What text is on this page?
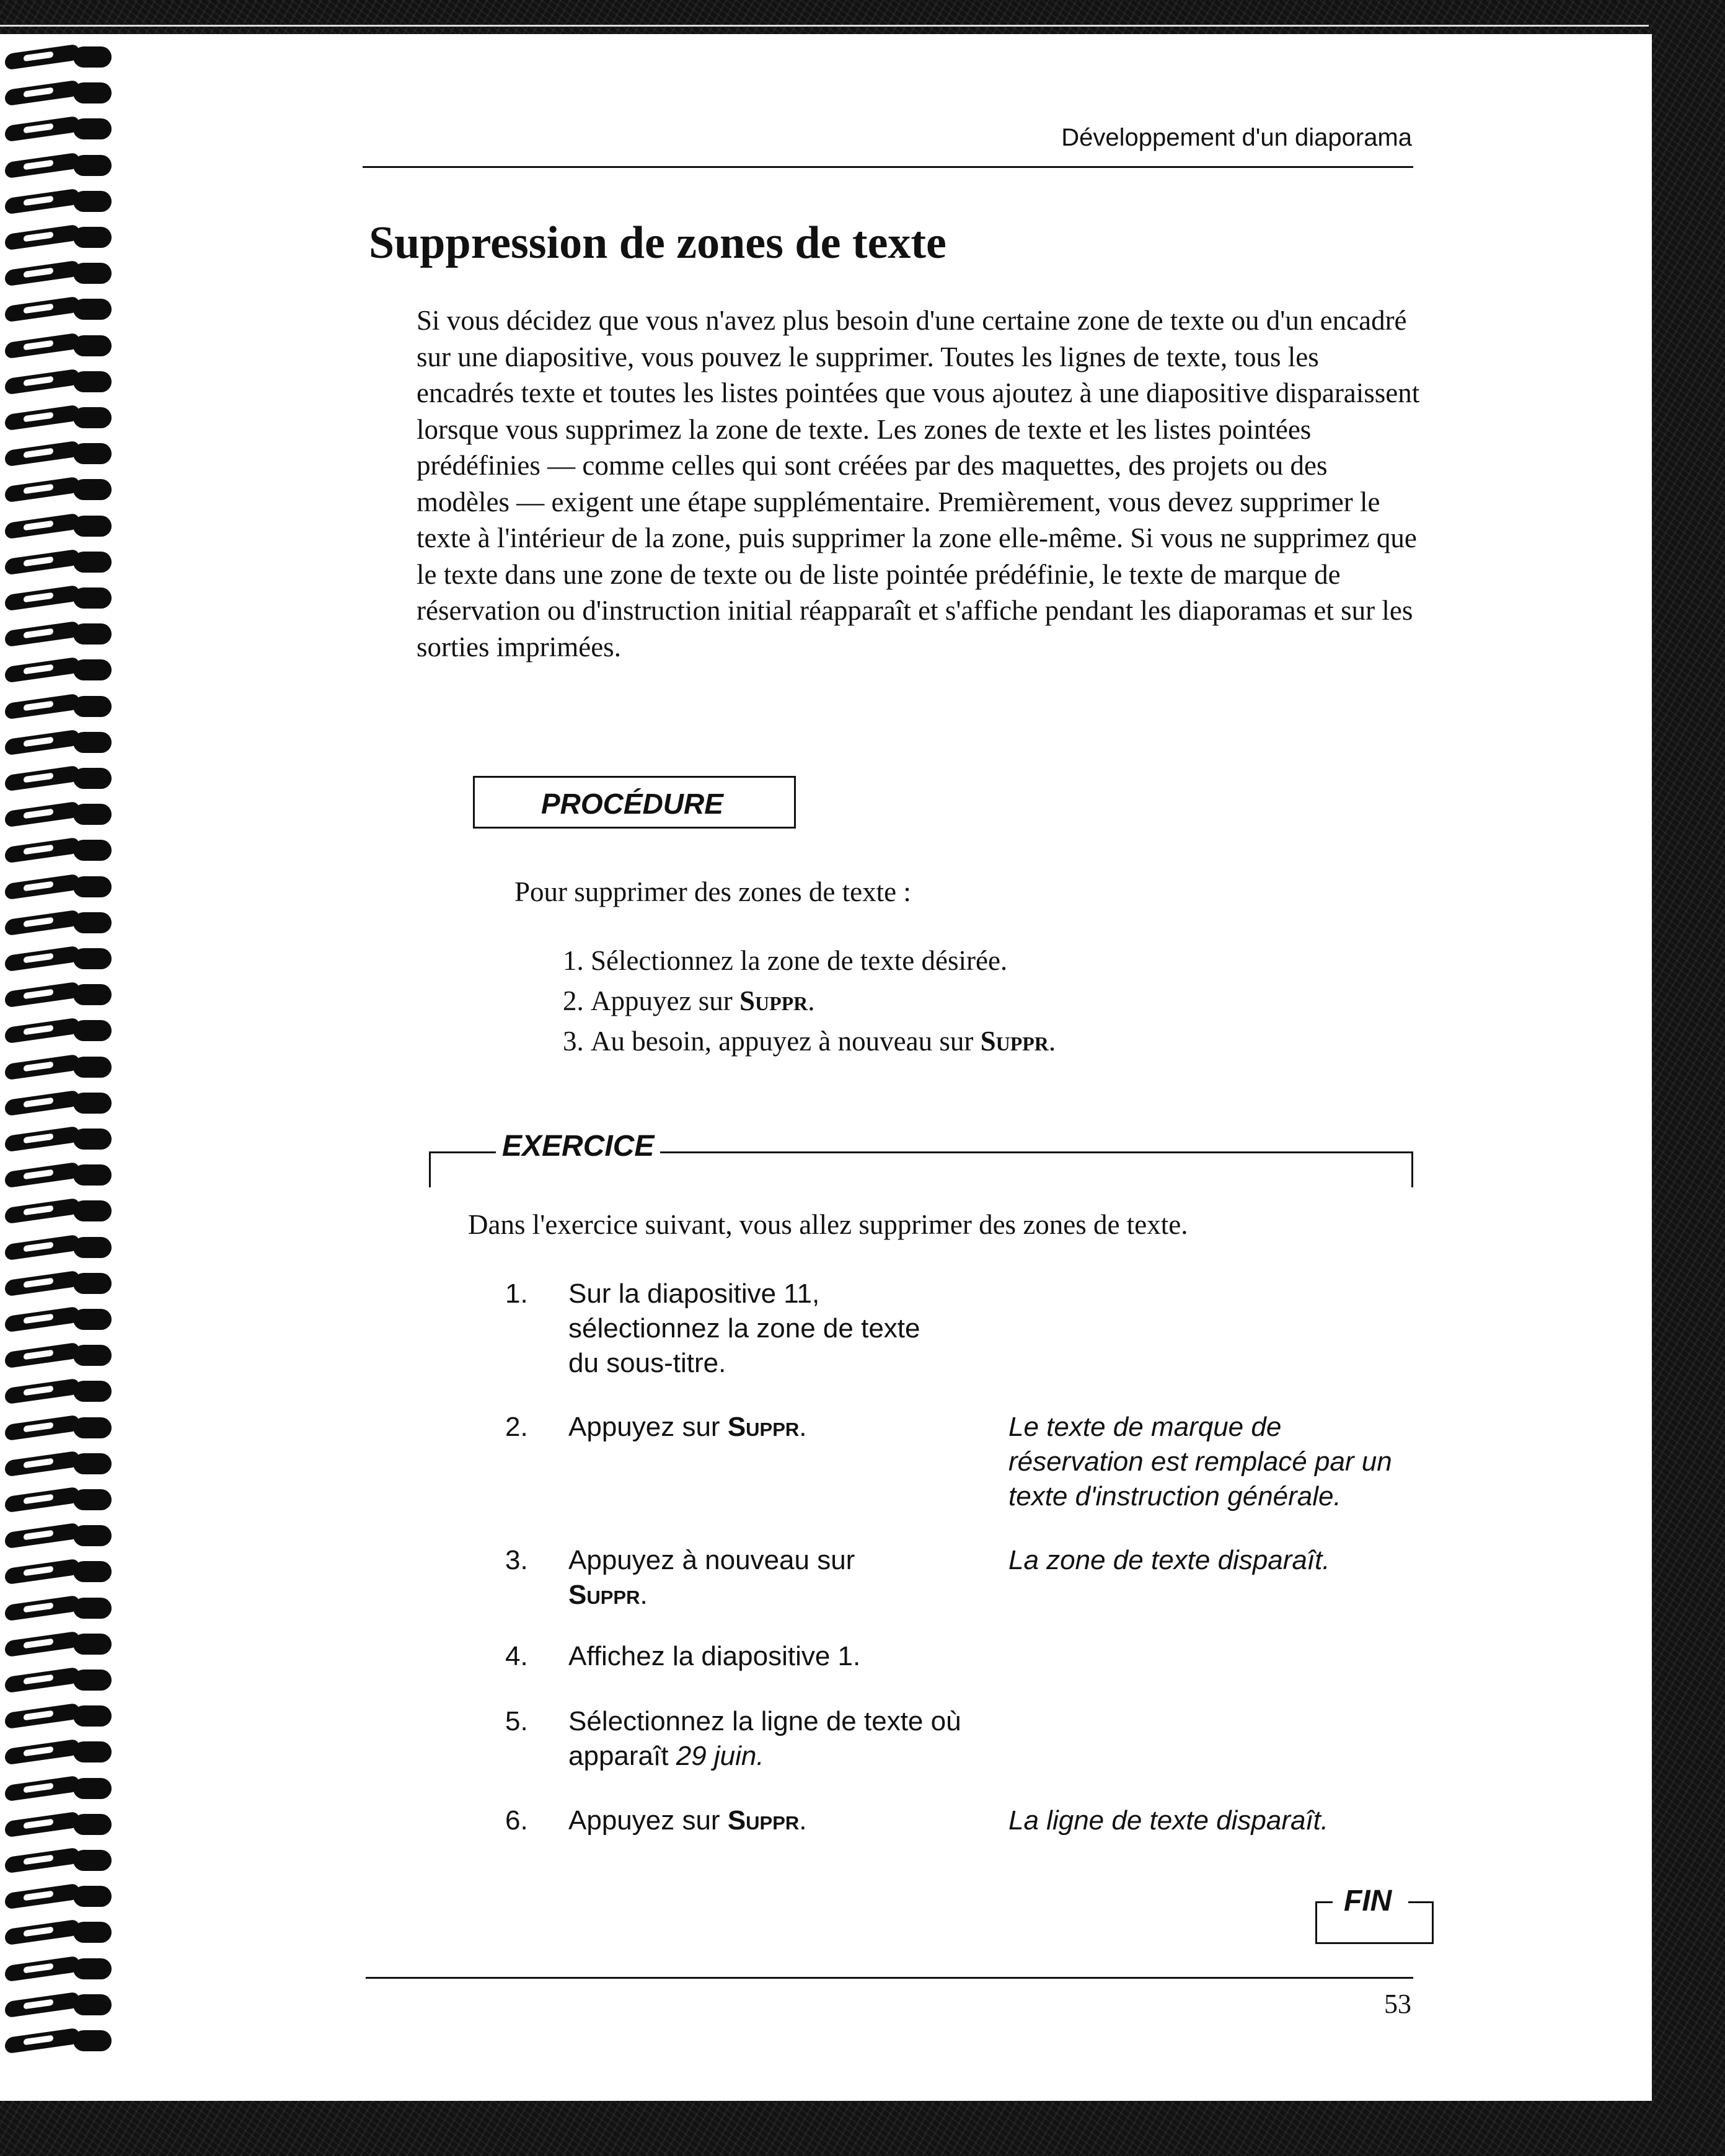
Développement d'un diaporama
Suppression de zones de texte

Si vous décidez que vous n'avez plus besoin d'une certaine zone de texte ou d'un encadré sur une diapositive, vous pouvez le supprimer. Toutes les lignes de texte, tous les encadrés texte et toutes les listes pointées que vous ajoutez à une diapositive disparaissent lorsque vous supprimez la zone de texte. Les zones de texte et les listes pointées prédéfinies — comme celles qui sont créées par des maquettes, des projets ou des modèles — exigent une étape supplémentaire. Premièrement, vous devez supprimer le texte à l'intérieur de la zone, puis supprimer la zone elle-même. Si vous ne supprimez que le texte dans une zone de texte ou de liste pointée prédéfinie, le texte de marque de réservation ou d'instruction initial réapparaît et s'affiche pendant les diaporamas et sur les sorties imprimées.

PROCÉDURE
Pour supprimer des zones de texte :
1. Sélectionnez la zone de texte désirée.
2. Appuyez sur Suppr.
3. Au besoin, appuyez à nouveau sur Suppr.
EXERCICE
Dans l'exercice suivant, vous allez supprimer des zones de texte.
1. Sur la diapositive 11, sélectionnez la zone de texte du sous-titre.
2. Appuyez sur Suppr.	Le texte de marque de réservation est remplacé par un texte d'instruction générale.
3. Appuyez à nouveau sur Suppr.
La zone de texte disparaît.
4. Affichez la diapositive 1.
5. Sélectionnez la ligne de texte où apparaît 29 juin.
6. Appuyez sur Suppr.	La ligne de texte disparaît.
FIN
53
